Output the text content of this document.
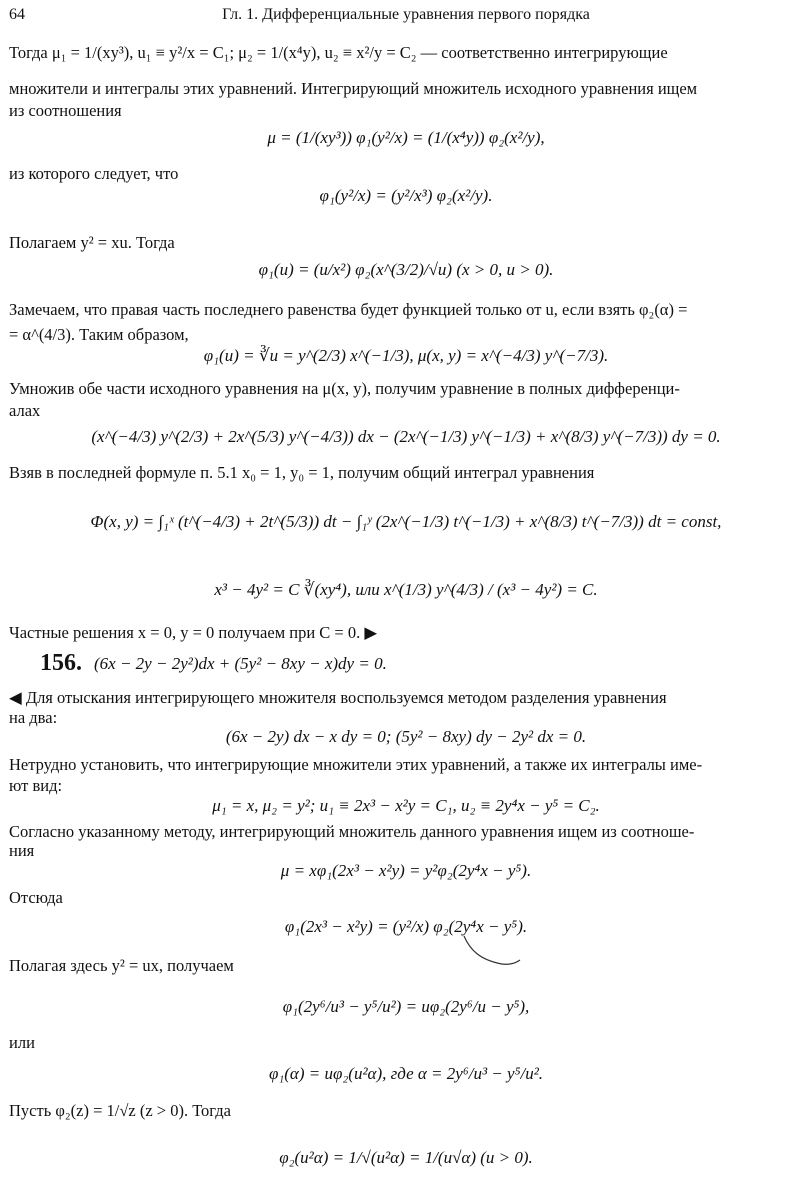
64	Гл. 1. Дифференциальные уравнения первого порядка
Тогда μ₁ = 1/(xy³), u₁ ≡ y²/x = C₁; μ₂ = 1/(x⁴y), u₂ ≡ x²/y = C₂ — соответственно интегрирующие
множители и интегралы этих уравнений. Интегрирующий множитель исходного уравнения ищем
из соотношения
μ = (1/(xy³)) φ₁(y²/x) = (1/(x⁴y)) φ₂(x²/y),
из которого следует, что
φ₁(y²/x) = (y²/x³) φ₂(x²/y).
Полагаем y² = xu. Тогда
φ₁(u) = (u/x²) φ₂(x^(3/2)/√u) (x > 0, u > 0).
Замечаем, что правая часть последнего равенства будет функцией только от u, если взять φ₂(α) =
= α^(4/3). Таким образом,
φ₁(u) = ∛u = y^(2/3) x^(−1/3), μ(x, y) = x^(−4/3) y^(−7/3).
Умножив обе части исходного уравнения на μ(x, y), получим уравнение в полных дифференци-
алах
(x^(−4/3) y^(2/3) + 2x^(5/3) y^(−4/3)) dx − (2x^(−1/3) y^(−1/3) + x^(8/3) y^(−7/3)) dy = 0.
Взяв в последней формуле п. 5.1 x₀ = 1, y₀ = 1, получим общий интеграл уравнения
Φ(x, y) = ∫₁ˣ (t^(−4/3) + 2t^(5/3)) dt − ∫₁ʸ (2x^(−1/3) t^(−1/3) + x^(8/3) t^(−7/3)) dt = const,
x³ − 4y² = C ∛(xy⁴), или x^(1/3) y^(4/3) / (x³ − 4y²) = C.
Частные решения x = 0, y = 0 получаем при C = 0. ▶
156. (6x − 2y − 2y²)dx + (5y² − 8xy − x)dy = 0.
◀ Для отыскания интегрирующего множителя воспользуемся методом разделения уравнения
на два:
(6x − 2y) dx − x dy = 0; (5y² − 8xy) dy − 2y² dx = 0.
Нетрудно установить, что интегрирующие множители этих уравнений, а также их интегралы име-
ют вид:
μ₁ = x, μ₂ = y²; u₁ ≡ 2x³ − x²y = C₁, u₂ ≡ 2y⁴x − y⁵ = C₂.
Согласно указанному методу, интегрирующий множитель данного уравнения ищем из соотноше-
ния
μ = xφ₁(2x³ − x²y) = y²φ₂(2y⁴x − y⁵).
Отсюда
φ₁(2x³ − x²y) = (y²/x) φ₂(2y⁴x − y⁵).
Полагая здесь y² = ux, получаем
φ₁(2y⁶/u³ − y⁵/u²) = uφ₂(2y⁶/u − y⁵),
или
φ₁(α) = uφ₂(u²α), где α = 2y⁶/u³ − y⁵/u².
Пусть φ₂(z) = 1/√z (z > 0). Тогда
φ₂(u²α) = 1/√(u²α) = 1/(u√α) (u > 0).
